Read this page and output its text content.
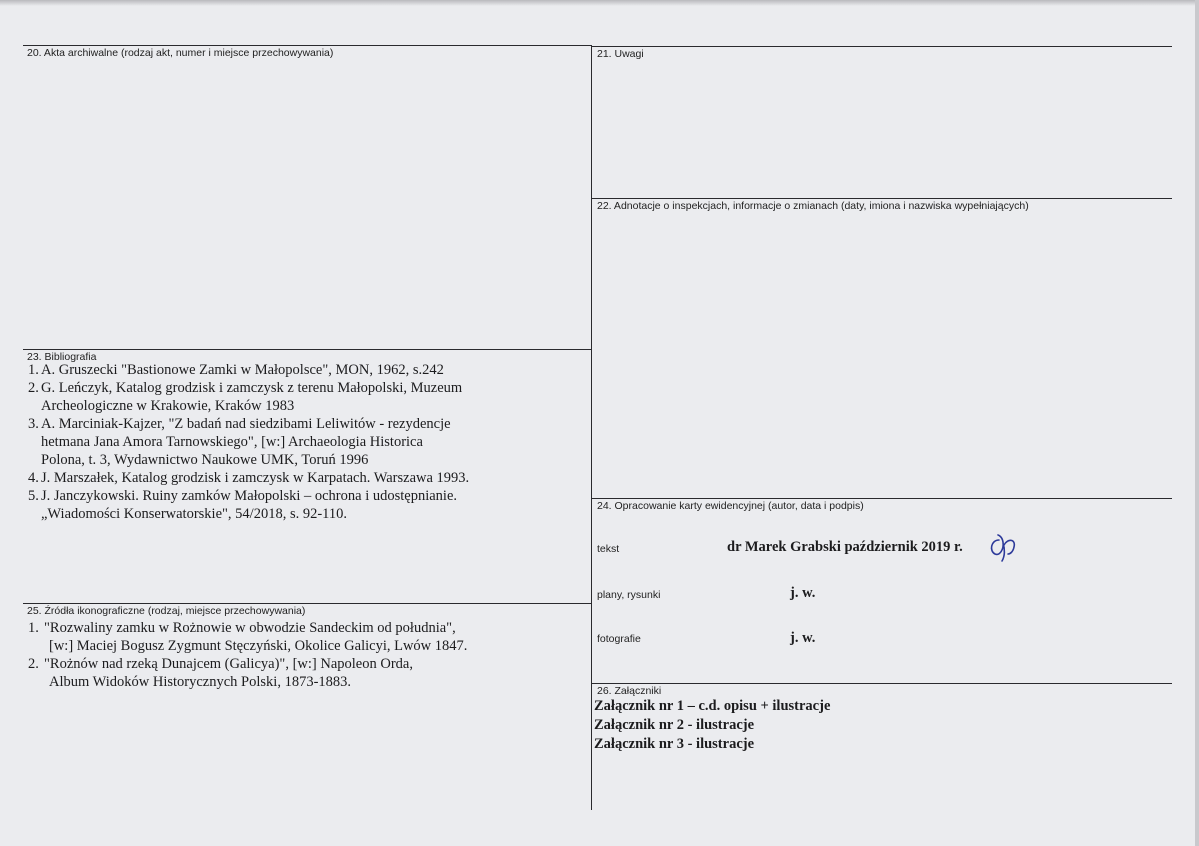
20. Akta archiwalne (rodzaj akt, numer i miejsce przechowywania)	21. Uwagi
22. Adnotacje o inspekcjach, informacje o zmianach (daty, imiona i nazwiska wypełniających)
23. Bibliografia
1. A. Gruszecki "Bastionowe Zamki w Małopolsce", MON, 1962, s.242
2. G. Leńczyk, Katalog grodzisk i zamczysk z terenu Małopolski, Muzeum
Archeologiczne w Krakowie, Kraków 1983
3. A. Marciniak-Kajzer, "Z badań nad siedzibami Leliwitów - rezydencje
hetmana Jana Amora Tarnowskiego", [w:] Archaeologia Historica
Polona, t. 3, Wydawnictwo Naukowe UMK, Toruń 1996
4. J. Marszałek, Katalog grodzisk i zamczysk w Karpatach. Warszawa 1993.
5. J. Janczykowski. Ruiny zamków Małopolski – ochrona i udostępnianie.
„Wiadomości Konserwatorskie", 54/2018, s. 92-110.
25. Źródła ikonograficzne (rodzaj, miejsce przechowywania)
1. "Rozwaliny zamku w Rożnowie w obwodzie Sandeckim od południa",
[w:] Maciej Bogusz Zygmunt Stęczyński, Okolice Galicyi, Lwów 1847.
2. "Rożnów nad rzeką Dunajcem (Galicya)", [w:] Napoleon Orda,
Album Widoków Historycznych Polski, 1873-1883.
24. Opracowanie karty ewidencyjnej (autor, data i podpis)
tekst	dr Marek Grabski październik 2019 r.
plany, rysunki	j. w.
fotografie	j. w.
26. Załączniki
Załącznik nr 1 – c.d. opisu + ilustracje
Załącznik nr 2 - ilustracje
Załącznik nr 3 - ilustracje
